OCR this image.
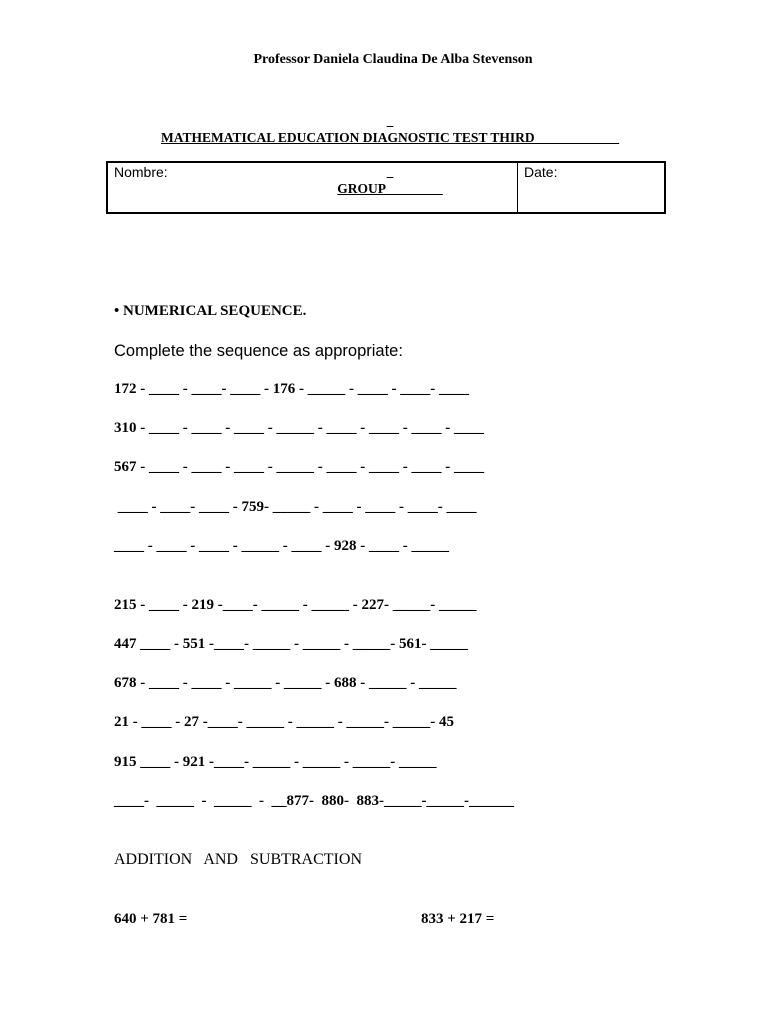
Professor Daniela Claudina De Alba Stevenson

MATHEMATICAL EDUCATION DIAGNOSTIC TEST THIRD ____________

GROUP ________

Nombre:	Date:
• NUMERICAL SEQUENCE.
Complete the sequence as appropriate:
172 - ____ - ____- ____ - 176 - _____ - ____ - ____- ____
310 - ____ - ____ - ____ - _____ - ____ - ____ - ____ - ____
567 - ____ - ____ - ____ - _____ - ____ - ____ - ____ - ____
____ - ____- ____ - 759- _____ - ____ - ____ - ____- ____
____ - ____ - ____ - _____ - ____ - 928 - ____ - _____
215 - ____ - 219 -____- _____ - _____ - 227- _____- _____
447 ____ - 551 -____- _____ - _____ - _____- 561- _____
678 - ____ - ____ - _____ - _____ - 688 - _____ - _____
21 - ____ - 27 -____- _____ - _____ - _____- _____- 45
915 ____ - 921 -____- _____ - _____ - _____- _____
____-  _____  -  _____  -  __877-  880-  883-_____-_____-______
ADDITION AND SUBTRACTION
640 + 781 =	833 + 217 =
